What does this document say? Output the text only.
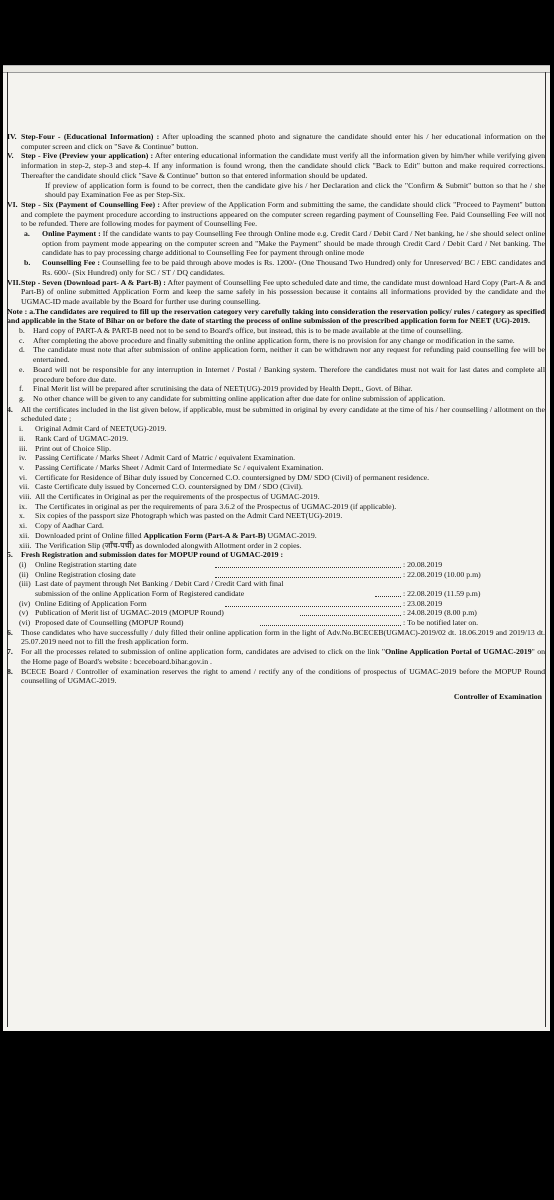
IV. Step-Four - (Educational Information) : After uploading the scanned photo and signature the candidate should enter his / her educational information on the computer screen and click on "Save & Continue" button.
V. Step - Five (Preview your application) : After entering educational information the candidate must verify all the information given by him/her while verifying given information in step-2, step-3 and step-4. If any information is found wrong, then the candidate should click "Back to Edit" button and make required corrections. Thereafter the candidate should click "Save & Continue" button so that entered information should be updated.
If preview of application form is found to be correct, then the candidate give his / her Declaration and click the "Confirm & Submit" button so that he / she should pay Examination Fee as per Step-Six.
VI. Step - Six (Payment of Counselling Fee) : After preview of the Application Form and submitting the same, the candidate should click "Proceed to Payment" button and complete the payment procedure according to instructions appeared on the computer screen regarding payment of Counselling Fee. Paid Counselling Fee will not to be refunded. There are following modes for payment of Counselling Fee.
a. Online Payment : If the candidate wants to pay Counselling Fee through Online mode e.g. Credit Card / Debit Card / Net banking, he / she should select online option from payment mode appearing on the computer screen and "Make the Payment" should be made through Credit Card / Debit Card / Net banking. The candidate has to pay processing charge additional to Counselling Fee for payment through online mode
b. Counselling Fee : Counselling fee to be paid through above modes is Rs. 1200/- (One Thousand Two Hundred) only for Unreserved/ BC / EBC candidates and Rs. 600/- (Six Hundred) only for SC / ST / DQ candidates.
VII. Step - Seven (Download part- A & Part-B) : After payment of Counselling Fee upto scheduled date and time, the candidate must download Hard Copy (Part-A & and Part-B) of online submitted Application Form and keep the same safely in his possession because it contains all informations provided by the candidate and the UGMAC-ID made available by the Board for further use during counselling.
Note : a.The candidates are required to fill up the reservation category very carefully taking into consideration the reservation policy/ rules / category as specified and applicable in the State of Bihar on or before the date of starting the process of online submission of the prescribed application form for NEET (UG)-2019.
b. Hard copy of PART-A & PART-B need not to be send to Board's office, but instead, this is to be made available at the time of counselling.
c. After completing the above procedure and finally submitting the online application form, there is no provision for any change or modification in the same.
d. The candidate must note that after submission of online application form, neither it can be withdrawn nor any request for refunding paid counselling fee will be entertained.
e. Board will not be responsible for any interruption in Internet / Postal / Banking system. Therefore the candidates must not wait for last dates and complete all procedure before due date.
f. Final Merit list will be prepared after scrutinising the data of NEET(UG)-2019 provided by Health Deptt., Govt. of Bihar.
g. No other chance will be given to any candidate for submitting online application after due date for online submission of application.
4. All the certificates included in the list given below, if applicable, must be submitted in original by every candidate at the time of his / her counselling / allotment on the scheduled date ;
i. Original Admit Card of NEET(UG)-2019.
ii. Rank Card of UGMAC-2019.
iii. Print out of Choice Slip.
iv. Passing Certificate / Marks Sheet / Admit Card of Matric / equivalent Examination.
v. Passing Certificate / Marks Sheet / Admit Card of Intermediate Sc / equivalent Examination.
vi. Certificate for Residence of Bihar duly issued by Concerned C.O. countersigned by DM/ SDO (Civil) of permanent residence.
vii. Caste Certificate duly issued by Concerned C.O. countersigned by DM / SDO (Civil).
viii. All the Certificates in Original as per the requirements of the prospectus of UGMAC-2019.
ix. The Certificates in original as per the requirements of para 3.6.2 of the Prospectus of UGMAC-2019 (if applicable).
x. Six copies of the passport size Photograph which was pasted on the Admit Card NEET(UG)-2019.
xi. Copy of Aadhar Card.
xii. Downloaded print of Online filled Application Form (Part-A & Part-B) UGMAC-2019.
xiii. The Verification Slip (जाँच-पर्ची) as downloded alongwith Allotment order in 2 copies.
5. Fresh Registration and submission dates for MOPUP round of UGMAC-2019 :
(i) Online Registration starting date	: 20.08.2019
(ii) Online Registration closing date	: 22.08.2019 (10.00 p.m)
(iii) Last date of payment through Net Banking / Debit Card / Credit Card with final
submission of the online Application Form of Registered candidate	: 22.08.2019 (11.59 p.m)
(iv) Online Editing of Application Form	: 23.08.2019
(v) Publication of Merit list of UGMAC-2019 (MOPUP Round)	: 24.08.2019 (8.00 p.m)
(vi) Proposed date of Counselling (MOPUP Round)	: To be notified later on.
6. Those candidates who have successfully / duly filled their online application form in the light of Adv.No.BCECEB(UGMAC)-2019/02 dt. 18.06.2019 and 2019/13 dt. 25.07.2019 need not to fill the fresh application form.
7. For all the processes related to submission of online application form, candidates are advised to click on the link "Online Application Portal of UGMAC-2019" on the Home page of Board's website : bceceboard.bihar.gov.in .
8. BCECE Board / Controller of examination reserves the right to amend / rectify any of the conditions of prospectus of UGMAC-2019 before the MOPUP Round counselling of UGMAC-2019.
Controller of Examination
